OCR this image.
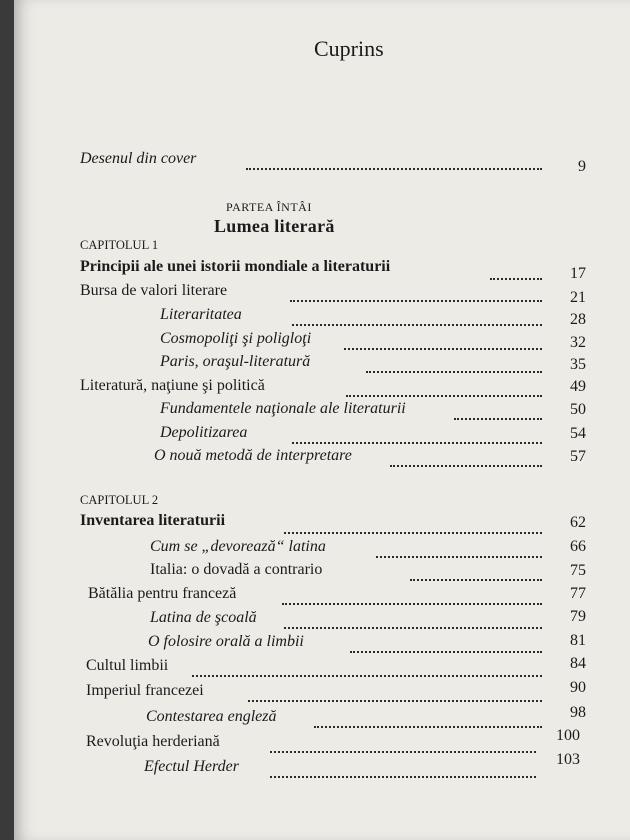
Cuprins
Desenul din cover	9
PARTEA ÎNTÂI
Lumea literară
CAPITOLUL 1
Principii ale unei istorii mondiale a literaturii	17
Bursa de valori literare	21
Literaritatea	28
Cosmopoliţi şi poligloţi	32
Paris, oraşul-literatură	35
Literatură, naţiune şi politică	49
Fundamentele naţionale ale literaturii	50
Depolitizarea	54
O nouă metodă de interpretare	57
CAPITOLUL 2
Inventarea literaturii	62
Cum se „devorează“ latina	66
Italia: o dovadă a contrario	75
Bătălia pentru franceză	77
Latina de şcoală	79
O folosire orală a limbii	81
Cultul limbii	84
Imperiul francezei	90
Contestarea engleză	98
Revoluţia herderiană	100
Efectul Herder	103
